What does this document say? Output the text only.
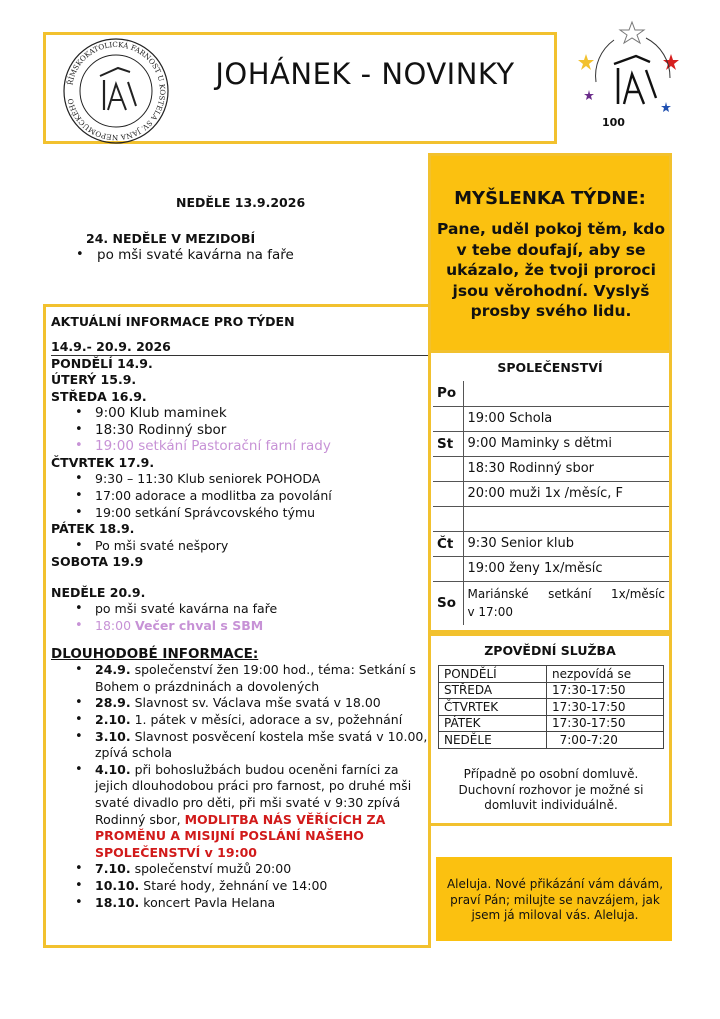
ŘÍMSKOKATOLICKÁ FARNOST U KOSTELA SV. JANA NEPOMUCKÉHO
JOHÁNEK - NOVINKY
100
NEDĚLE 13.9.2026
24. NEDĚLE V MEZIDOBÍ
• po mši svaté kavárna na faře
AKTUÁLNÍ INFORMACE PRO TÝDEN
14.9.- 20.9. 2026
PONDĚLÍ 14.9.
ÚTERÝ 15.9.
STŘEDA 16.9.
• 9:00 Klub maminek
• 18:30 Rodinný sbor
• 19:00 setkání Pastorační farní rady
ČTVRTEK 17.9.
• 9:30 – 11:30 Klub seniorek POHODA
• 17:00 adorace a modlitba za povolání
• 19:00 setkání Správcovského týmu
PÁTEK 18.9.
• Po mši svaté nešpory
SOBOTA 19.9
NEDĚLE 20.9.
• po mši svaté kavárna na faře
• 18:00 Večer chval s SBM
DLOUHODOBÉ INFORMACE:
• 24.9. společenství žen 19:00 hod., téma: Setkání s Bohem o prázdninách a dovolených
• 28.9. Slavnost sv. Václava mše svatá v 18.00
• 2.10. 1. pátek v měsíci, adorace a sv, požehnání
• 3.10. Slavnost posvěcení kostela mše svatá v 10.00, zpívá schola
• 4.10. při bohoslužbách budou oceněni farníci za jejich dlouhodobou práci pro farnost, po druhé mši svaté divadlo pro děti, při mši svaté v 9:30 zpívá Rodinný sbor, MODLITBA NÁS VĚŘÍCÍCH ZA PROMĚNU A MISIJNÍ POSLÁNÍ NAŠEHO SPOLEČENSTVÍ v 19:00
• 7.10. společenství mužů 20:00
• 10.10. Staré hody, žehnání ve 14:00
• 18.10. koncert Pavla Helana
MYŠLENKA TÝDNE:
Pane, uděl pokoj těm, kdo v tebe doufají, aby se ukázalo, že tvoji proroci jsou věrohodní. Vyslyš prosby svého lidu.
SPOLEČENSTVÍ
Po	
	19:00 Schola
St	9:00 Maminky s dětmi
	18:30 Rodinný sbor
	20:00 muži 1x /měsíc, F

Čt	9:30 Senior klub
	19:00 ženy 1x/měsíc
So	Mariánské setkání 1x/měsíc
v 17:00
ZPOVĚDNÍ SLUŽBA
PONDĚLÍ	nezpovídá se
STŘEDA	17:30-17:50
ČTVRTEK	17:30-17:50
PÁTEK	17:30-17:50
NEDĚLE	7:00-7:20
Případně po osobní domluvě. Duchovní rozhovor je možné si domluvit individuálně.
Aleluja. Nové přikázání vám dávám, praví Pán; milujte se navzájem, jak jsem já miloval vás. Aleluja.
